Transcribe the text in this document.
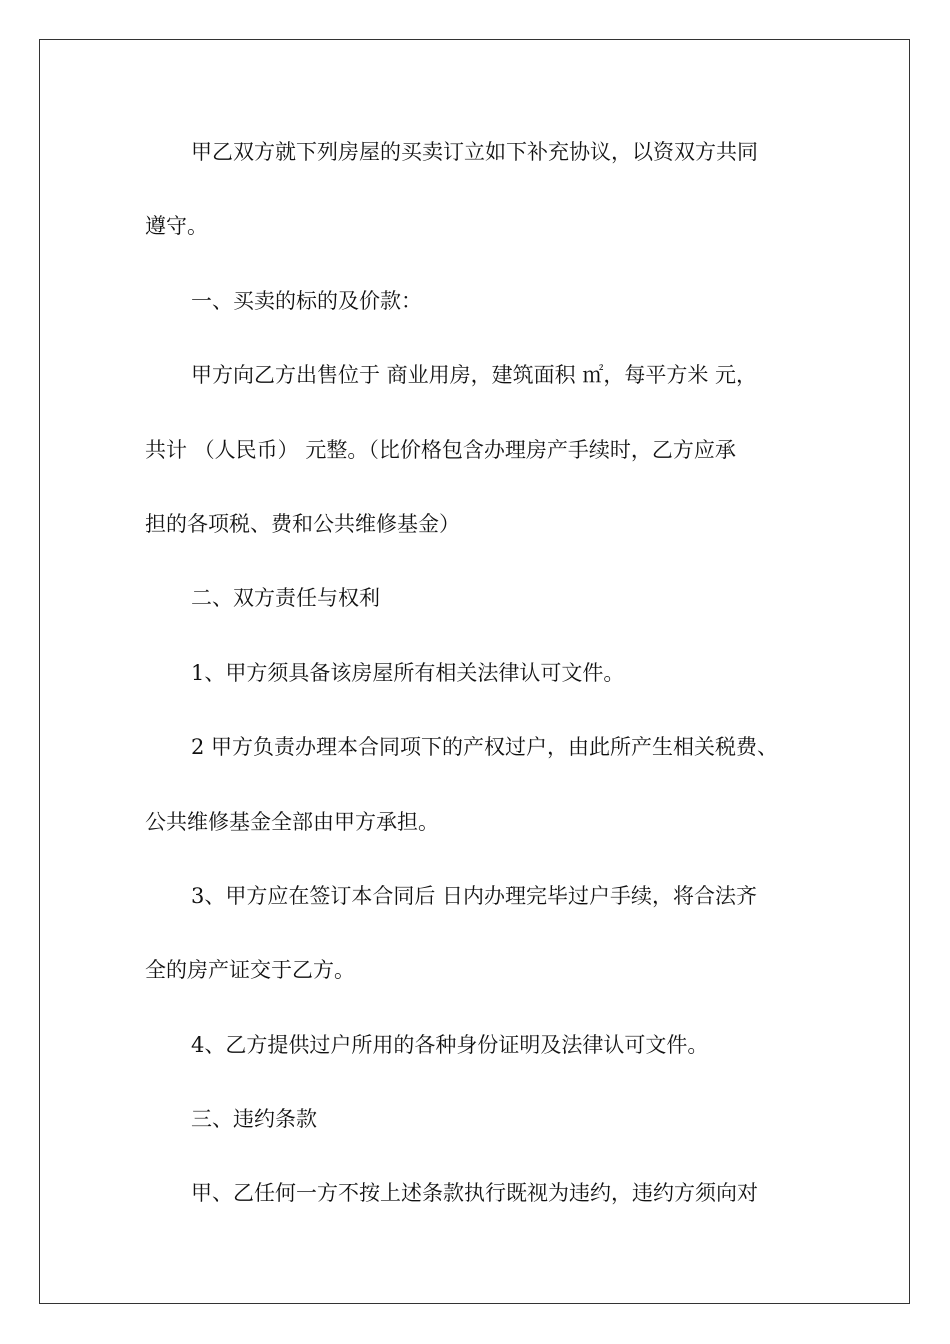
甲乙双方就下列房屋的买卖订立如下补充协议，以资双方共同
遵守。
一、买卖的标的及价款：
甲方向乙方出售位于 商业用房，建筑面积 ㎡，每平方米 元，
共计 （人民币） 元整。（比价格包含办理房产手续时，乙方应承
担的各项税、费和公共维修基金）
二、双方责任与权利
1、甲方须具备该房屋所有相关法律认可文件。
2 甲方负责办理本合同项下的产权过户，由此所产生相关税费、
公共维修基金全部由甲方承担。
3、甲方应在签订本合同后 日内办理完毕过户手续，将合法齐
全的房产证交于乙方。
4、乙方提供过户所用的各种身份证明及法律认可文件。
三、违约条款
甲、乙任何一方不按上述条款执行既视为违约，违约方须向对
